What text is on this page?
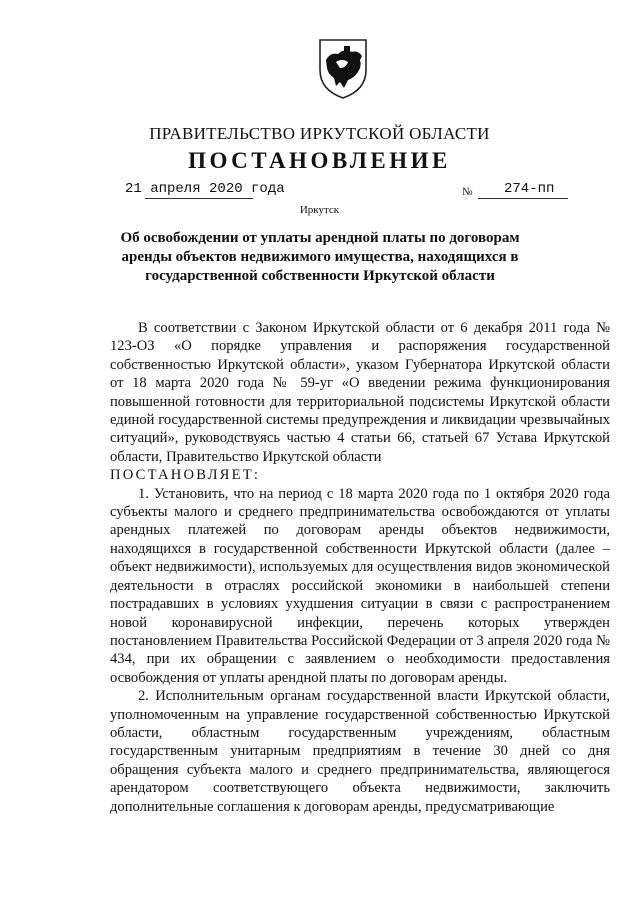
ПРАВИТЕЛЬСТВО ИРКУТСКОЙ ОБЛАСТИ
ПОСТАНОВЛЕНИЕ
21 апреля 2020 года	№ 274-пп
Иркутск
Об освобождении от уплаты арендной платы по договорам аренды объектов недвижимого имущества, находящихся в государственной собственности Иркутской области

В соответствии с Законом Иркутской области от 6 декабря 2011 года № 123-ОЗ «О порядке управления и распоряжения государственной собственностью Иркутской области», указом Губернатора Иркутской области от 18 марта 2020 года № 59-уг «О введении режима функционирования повышенной готовности для территориальной подсистемы Иркутской области единой государственной системы предупреждения и ликвидации чрезвычайных ситуаций», руководствуясь частью 4 статьи 66, статьей 67 Устава Иркутской области, Правительство Иркутской области

ПОСТАНОВЛЯЕТ:

1. Установить, что на период с 18 марта 2020 года по 1 октября 2020 года субъекты малого и среднего предпринимательства освобождаются от уплаты арендных платежей по договорам аренды объектов недвижимости, находящихся в государственной собственности Иркутской области (далее – объект недвижимости), используемых для осуществления видов экономической деятельности в отраслях российской экономики в наибольшей степени пострадавших в условиях ухудшения ситуации в связи с распространением новой коронавирусной инфекции, перечень которых утвержден постановлением Правительства Российской Федерации от 3 апреля 2020 года № 434, при их обращении с заявлением о необходимости предоставления освобождения от уплаты арендной платы по договорам аренды.

2. Исполнительным органам государственной власти Иркутской области, уполномоченным на управление государственной собственностью Иркутской области, областным государственным учреждениям, областным государственным унитарным предприятиям в течение 30 дней со дня обращения субъекта малого и среднего предпринимательства, являющегося арендатором соответствующего объекта недвижимости, заключить дополнительные соглашения к договорам аренды, предусматривающие
